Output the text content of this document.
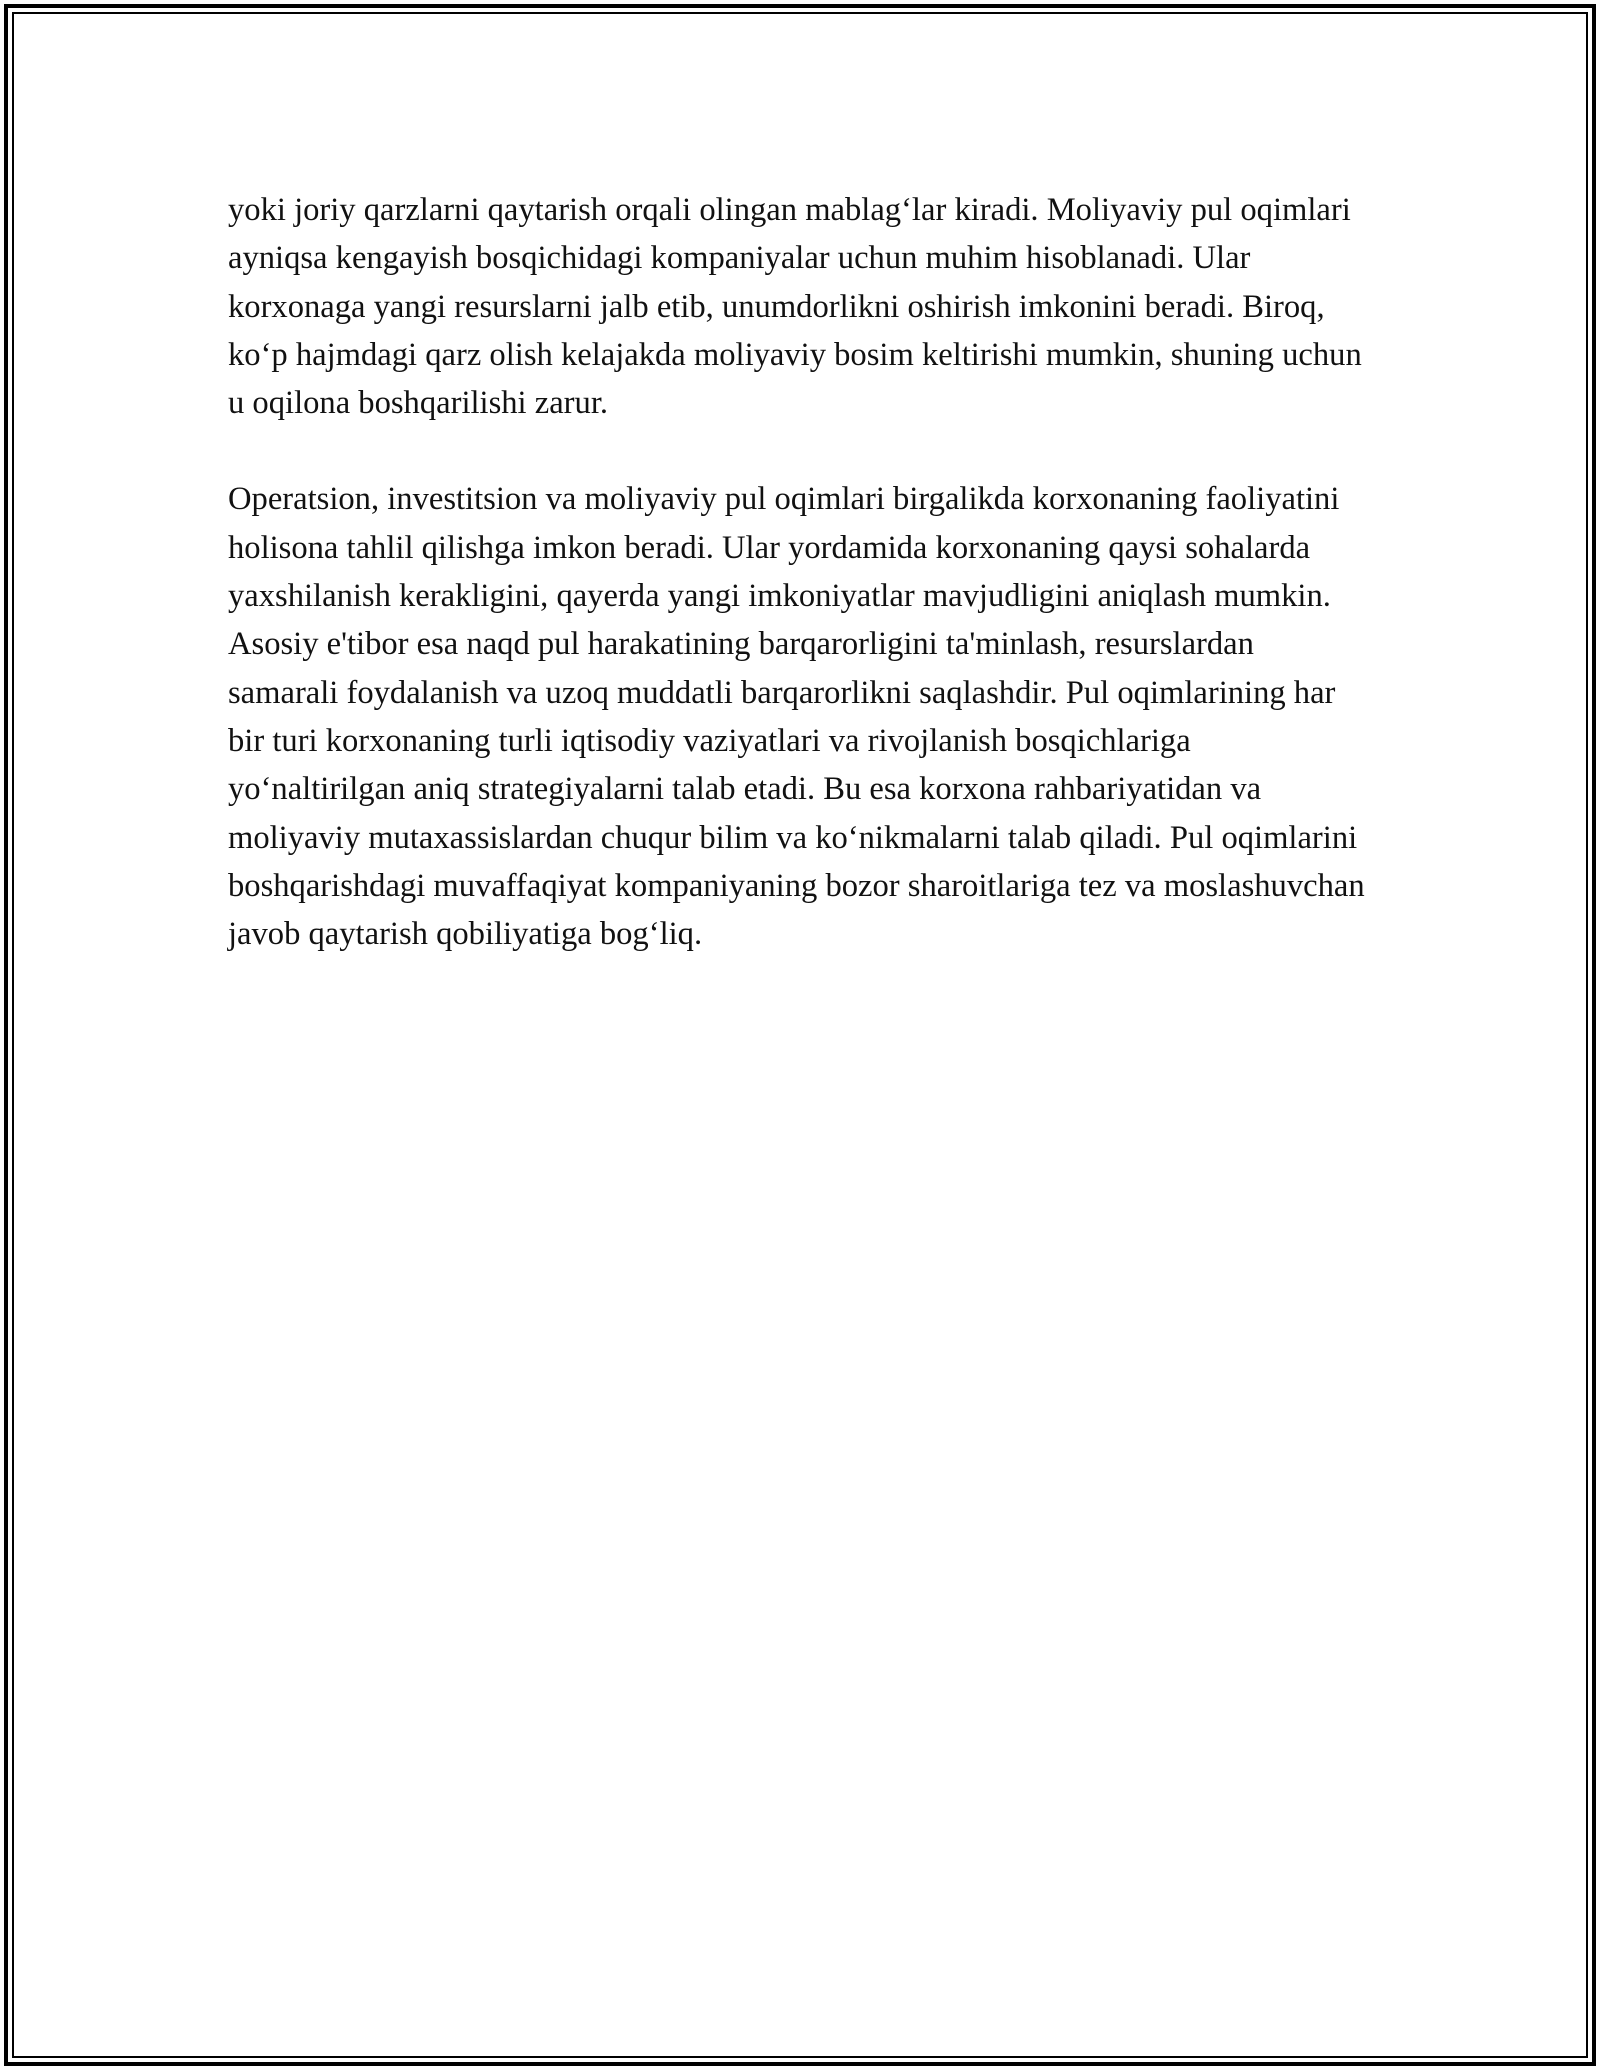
yoki joriy qarzlarni qaytarish orqali olingan mablag‘lar kiradi. Moliyaviy pul oqimlari ayniqsa kengayish bosqichidagi kompaniyalar uchun muhim hisoblanadi. Ular korxonaga yangi resurslarni jalb etib, unumdorlikni oshirish imkonini beradi. Biroq, ko‘p hajmdagi qarz olish kelajakda moliyaviy bosim keltirishi mumkin, shuning uchun u oqilona boshqarilishi zarur.

Operatsion, investitsion va moliyaviy pul oqimlari birgalikda korxonaning faoliyatini holisona tahlil qilishga imkon beradi. Ular yordamida korxonaning qaysi sohalarda yaxshilanish kerakligini, qayerda yangi imkoniyatlar mavjudligini aniqlash mumkin. Asosiy e'tibor esa naqd pul harakatining barqarorligini ta'minlash, resurslardan samarali foydalanish va uzoq muddatli barqarorlikni saqlashdir. Pul oqimlarining har bir turi korxonaning turli iqtisodiy vaziyatlari va rivojlanish bosqichlariga yo‘naltirilgan aniq strategiyalarni talab etadi. Bu esa korxona rahbariyatidan va moliyaviy mutaxassislardan chuqur bilim va ko‘nikmalarni talab qiladi. Pul oqimlarini boshqarishdagi muvaffaqiyat kompaniyaning bozor sharoitlariga tez va moslashuvchan javob qaytarish qobiliyatiga bog‘liq.
